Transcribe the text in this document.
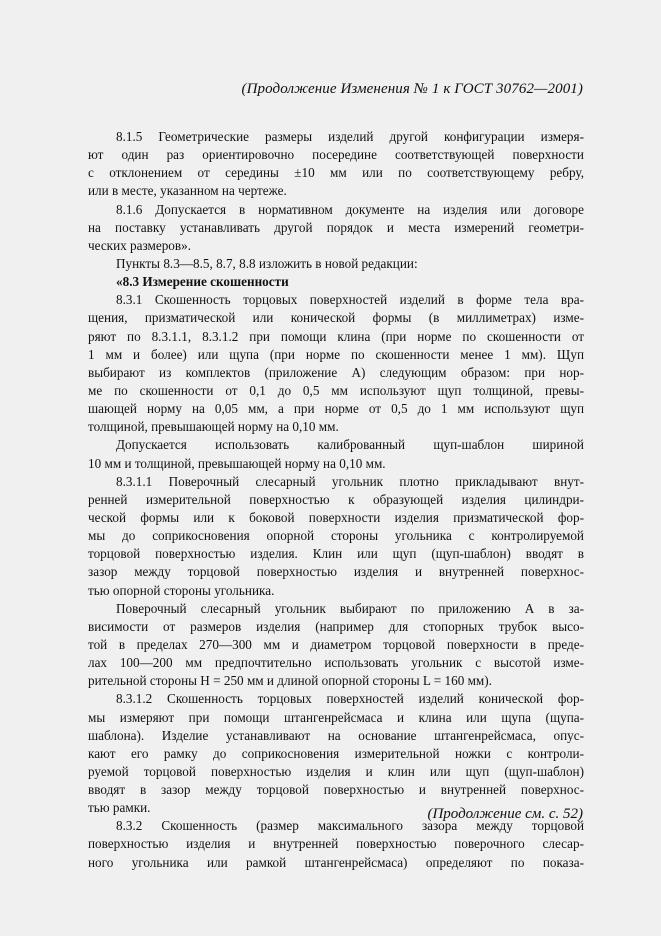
(Продолжение Изменения № 1 к ГОСТ 30762—2001)
8.1.5 Геометрические размеры изделий другой конфигурации измеря-
ют один раз ориентировочно посередине соответствующей поверхности
с отклонением от середины ±10 мм или по соответствующему ребру,
или в месте, указанном на чертеже.
8.1.6 Допускается в нормативном документе на изделия или договоре
на поставку устанавливать другой порядок и места измерений геометри-
ческих размеров».
Пункты 8.3—8.5, 8.7, 8.8 изложить в новой редакции:
«8.3 Измерение скошенности
8.3.1 Скошенность торцовых поверхностей изделий в форме тела вра-
щения, призматической или конической формы (в миллиметрах) изме-
ряют по 8.3.1.1, 8.3.1.2 при помощи клина (при норме по скошенности от
1 мм и более) или щупа (при норме по скошенности менее 1 мм). Щуп
выбирают из комплектов (приложение А) следующим образом: при нор-
ме по скошенности от 0,1 до 0,5 мм используют щуп толщиной, превы-
шающей норму на 0,05 мм, а при норме от 0,5 до 1 мм используют щуп
толщиной, превышающей норму на 0,10 мм.
Допускается использовать калиброванный щуп-шаблон шириной
10 мм и толщиной, превышающей норму на 0,10 мм.
8.3.1.1 Поверочный слесарный угольник плотно прикладывают внут-
ренней измерительной поверхностью к образующей изделия цилиндри-
ческой формы или к боковой поверхности изделия призматической фор-
мы до соприкосновения опорной стороны угольника с контролируемой
торцовой поверхностью изделия. Клин или щуп (щуп-шаблон) вводят в
зазор между торцовой поверхностью изделия и внутренней поверхнос-
тью опорной стороны угольника.
Поверочный слесарный угольник выбирают по приложению А в за-
висимости от размеров изделия (например для стопорных трубок высо-
той в пределах 270—300 мм и диаметром торцовой поверхности в преде-
лах 100—200 мм предпочтительно использовать угольник с высотой изме-
рительной стороны H = 250 мм и длиной опорной стороны L = 160 мм).
8.3.1.2 Скошенность торцовых поверхностей изделий конической фор-
мы измеряют при помощи штангенрейсмаса и клина или щупа (щупа-
шаблона). Изделие устанавливают на основание штангенрейсмаса, опус-
кают его рамку до соприкосновения измерительной ножки с контроли-
руемой торцовой поверхностью изделия и клин или щуп (щуп-шаблон)
вводят в зазор между торцовой поверхностью и внутренней поверхнос-
тью рамки.
8.3.2 Скошенность (размер максимального зазора между торцовой
поверхностью изделия и внутренней поверхностью поверочного слесар-
ного угольника или рамкой штангенрейсмаса) определяют по показа-
(Продолжение см. с. 52)
